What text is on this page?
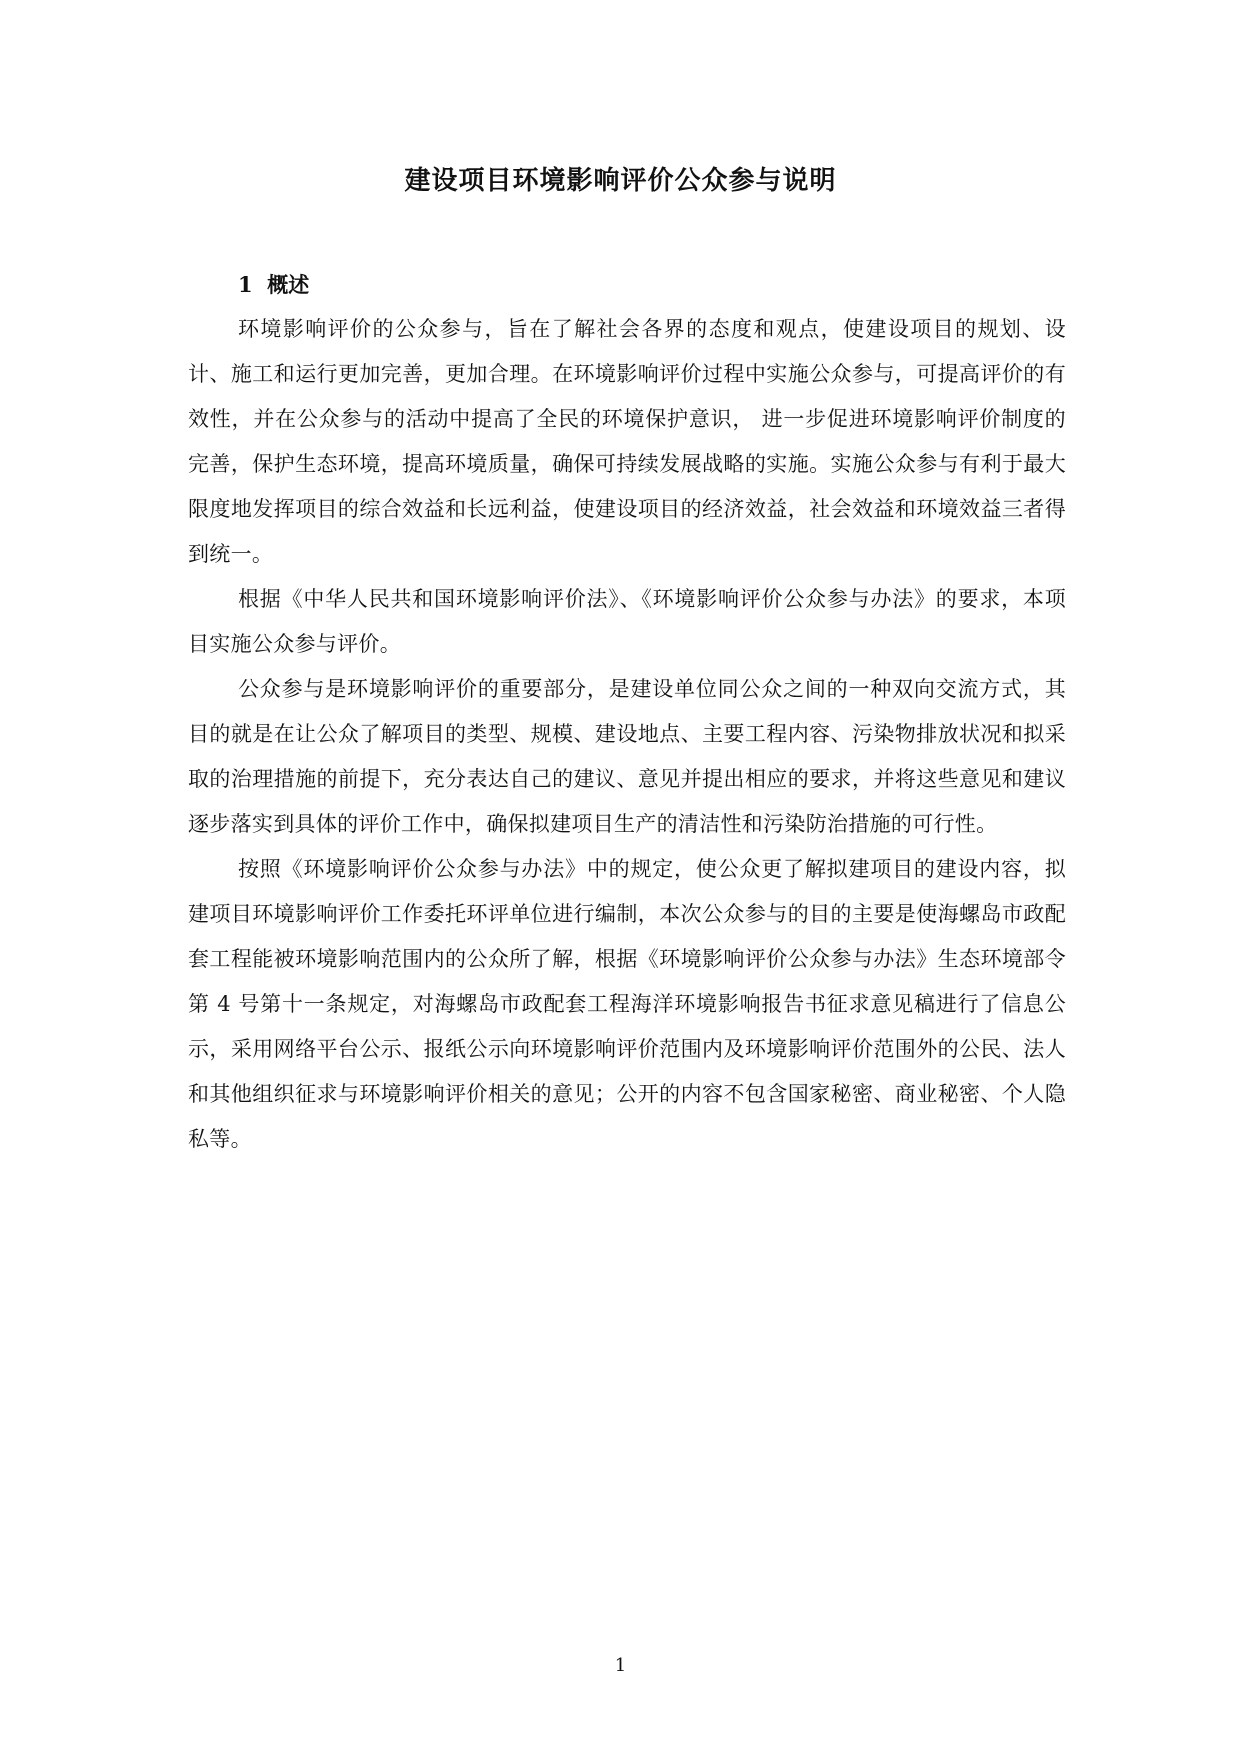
建设项目环境影响评价公众参与说明

1 概述

环境影响评价的公众参与，旨在了解社会各界的态度和观点，使建设项目的规划、设计、施工和运行更加完善，更加合理。在环境影响评价过程中实施公众参与，可提高评价的有效性，并在公众参与的活动中提高了全民的环境保护意识， 进一步促进环境影响评价制度的完善，保护生态环境，提高环境质量，确保可持续发展战略的实施。实施公众参与有利于最大限度地发挥项目的综合效益和长远利益，使建设项目的经济效益，社会效益和环境效益三者得到统一。

根据《中华人民共和国环境影响评价法》、《环境影响评价公众参与办法》的要求，本项目实施公众参与评价。

公众参与是环境影响评价的重要部分，是建设单位同公众之间的一种双向交流方式，其目的就是在让公众了解项目的类型、规模、建设地点、主要工程内容、污染物排放状况和拟采取的治理措施的前提下，充分表达自己的建议、意见并提出相应的要求，并将这些意见和建议逐步落实到具体的评价工作中，确保拟建项目生产的清洁性和污染防治措施的可行性。

按照《环境影响评价公众参与办法》中的规定，使公众更了解拟建项目的建设内容，拟建项目环境影响评价工作委托环评单位进行编制，本次公众参与的目的主要是使海螺岛市政配套工程能被环境影响范围内的公众所了解，根据《环境影响评价公众参与办法》生态环境部令第 4 号第十一条规定，对海螺岛市政配套工程海洋环境影响报告书征求意见稿进行了信息公示，采用网络平台公示、报纸公示向环境影响评价范围内及环境影响评价范围外的公民、法人和其他组织征求与环境影响评价相关的意见；公开的内容不包含国家秘密、商业秘密、个人隐私等。

1
